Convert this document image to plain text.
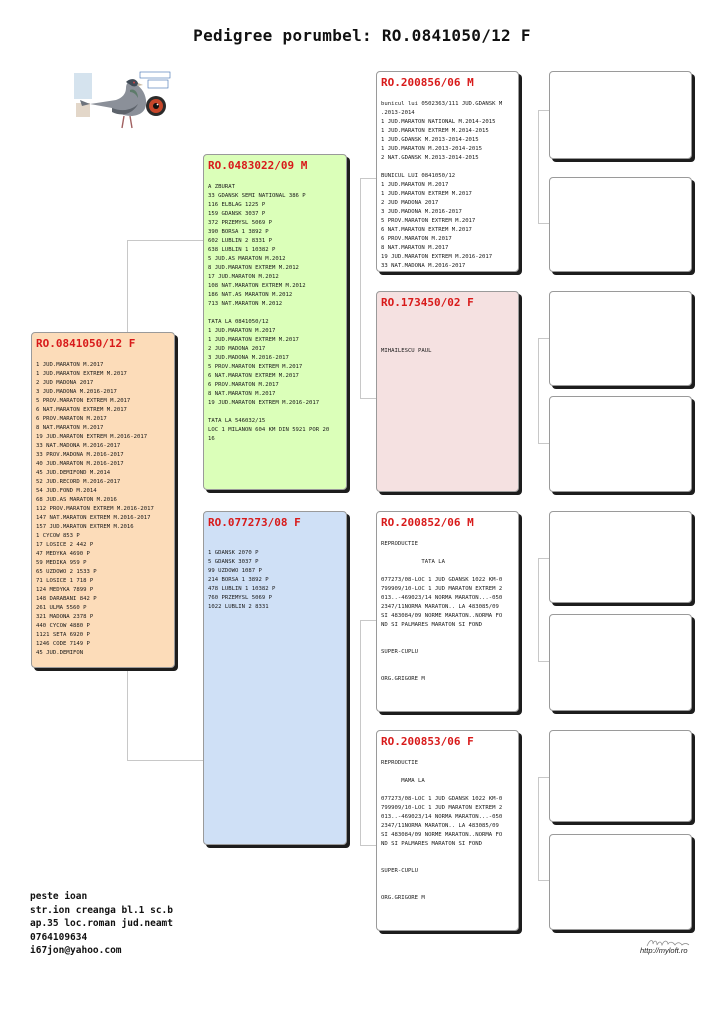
Pedigree porumbel: RO.0841050/12 F
RO.0841050/12 F

1 JUD.MARATON M.2017
1 JUD.MARATON EXTREM M.2017
2 JUD MADONA 2017
3 JUD.MADONA M.2016-2017
5 PROV.MARATON EXTREM M.2017
6 NAT.MARATON EXTREM M.2017
6 PROV.MARATON M.2017
8 NAT.MARATON M.2017
19 JUD.MARATON EXTREM M.2016-2017
33 NAT.MADONA M.2016-2017
33 PROV.MADONA M.2016-2017
40 JUD.MARATON M.2016-2017
45 JUD.DEMIFOND M.2014
52 JUD.RECORD M.2016-2017
54 JUD.FOND M.2014
68 JUD.AS MARATON M.2016
112 PROV.MARATON EXTREM M.2016-2017
147 NAT.MARATON EXTREM M.2016-2017
157 JUD.MARATON EXTREM M.2016
1 CYCOW 853 P
17 LOSICE 2 442 P
47 MEDYKA 4690 P
59 MEDIKA 959 P
65 UZDOWO 2 1533 P
71 LOSICE 1 718 P
124 MEDYKA 7899 P
148 DARABANI 842 P
261 ULMA 5560 P
321 MADONA 2378 P
440 CYCOW 4880 P
1121 SETA 6920 P
1246 CODE 7149 P
45 JUD.DEMIFON
RO.0483022/09 M

A ZBURAT
33 GDANSK SEMI NATIONAL 386 P
116 ELBLAG 1225 P
159 GDANSK 3037 P
372 PRZEMYSL 5069 P
390 BORSA 1 3892 P
602 LUBLIN 2 8331 P
638 LUBLIN 1 10382 P
5 JUD.AS MARATON M.2012
8 JUD.MARATON EXTREM M.2012
17 JUD.MARATON M.2012
108 NAT.MARATON EXTREM M.2012
186 NAT.AS MARATON M.2012
713 NAT.MARATON M.2012

TATA LA 0841050/12
1 JUD.MARATON M.2017
1 JUD.MARATON EXTREM M.2017
2 JUD MADONA 2017
3 JUD.MADONA M.2016-2017
5 PROV.MARATON EXTREM M.2017
6 NAT.MARATON EXTREM M.2017
6 PROV.MARATON M.2017
8 NAT.MARATON M.2017
19 JUD.MARATON EXTREM M.2016-2017

TATA LA 546032/15
LOC 1 MILANON 604 KM DIN 5921 POR 20
16
RO.077273/08 F

1 GDANSK 2070 P
5 GDANSK 3037 P
99 UZDOWO 1087 P
214 BORSA 1 3892 P
478 LUBLIN 1 10382 P
760 PRZEMYSL 5069 P
1022 LUBLIN 2 8331
RO.200856/06 M

bunicul lui 0502363/111 JUD.GDANSK M
.2013-2014
1 JUD.MARATON NATIONAL M.2014-2015
1 JUD.MARATON EXTREM M.2014-2015
1 JUD.GDANSK M.2013-2014-2015
1 JUD.MARATON M.2013-2014-2015
2 NAT.GDANSK M.2013-2014-2015

BUNICUL LUI 0841050/12
1 JUD.MARATON M.2017
1 JUD.MARATON EXTREM M.2017
2 JUD MADONA 2017
3 JUD.MADONA M.2016-2017
5 PROV.MARATON EXTREM M.2017
6 NAT.MARATON EXTREM M.2017
6 PROV.MARATON M.2017
8 NAT.MARATON M.2017
19 JUD.MARATON EXTREM M.2016-2017
33 NAT.MADONA M.2016-2017
RO.173450/02 F

MIHAILESCU PAUL
RO.200852/06 M

REPRODUCTIE

TATA LA

077273/08-LOC 1 JUD GDANSK 1022 KM-0
799909/10-LOC 1 JUD MARATON EXTREM 2
013..-469023/14 NORMA MARATON...-050
2347/11NORMA MARATON.. LA 483085/09
SI 483084/09 NORME MARATON..NORMA FO
ND SI PALMARES MARATON SI FOND

SUPER-CUPLU

ORG.GRIGORE M
RO.200853/06 F

REPRODUCTIE

MAMA LA

077273/08-LOC 1 JUD GDANSK 1022 KM-0
799909/10-LOC 1 JUD MARATON EXTREM 2
013..-469023/14 NORMA MARATON...-050
2347/11NORMA MARATON.. LA 483085/09
SI 483084/09 NORME MARATON..NORMA FO
ND SI PALMARES MARATON SI FOND

SUPER-CUPLU

ORG.GRIGORE M
peste ioan
str.ion creanga bl.1 sc.b
ap.35 loc.roman jud.neamt
0764109634
i67jon@yahoo.com	http://myloft.ro
